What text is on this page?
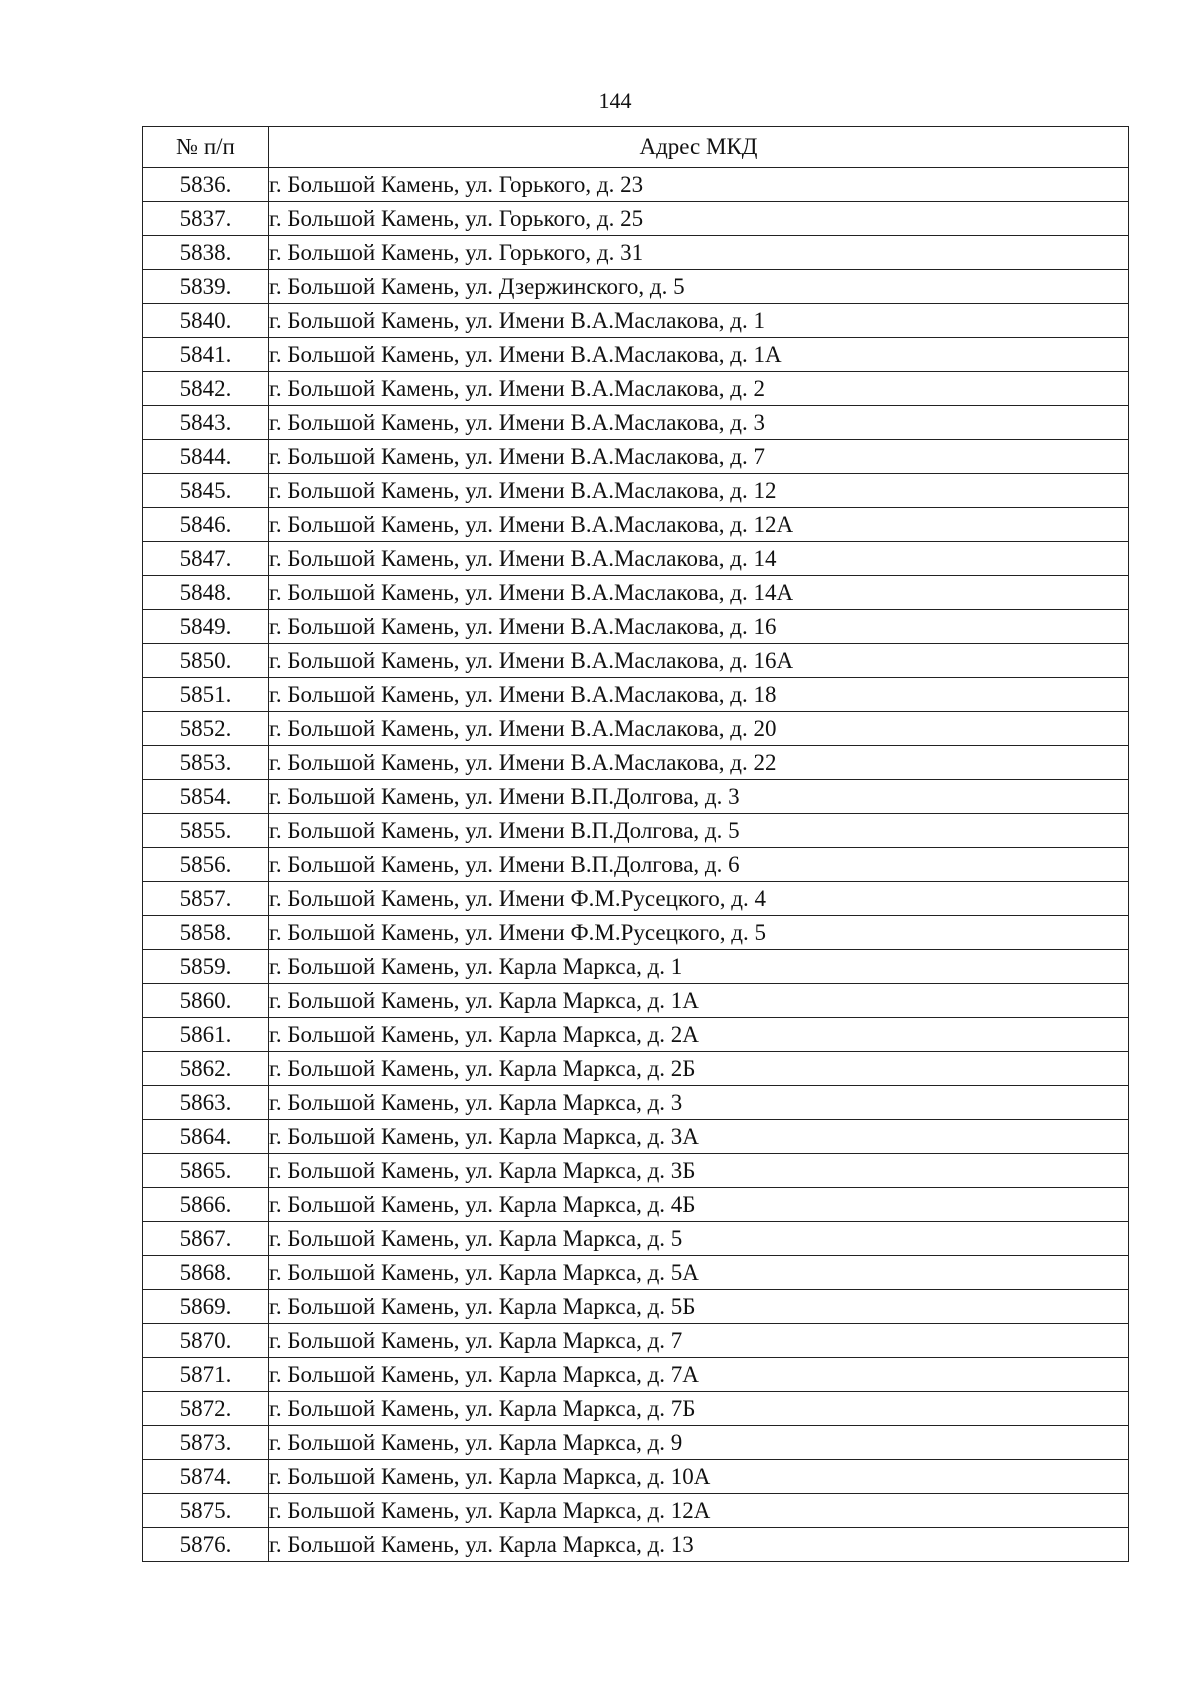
144
№ п/п	Адрес МКД
5836.	г. Большой Камень, ул. Горького, д. 23
5837.	г. Большой Камень, ул. Горького, д. 25
5838.	г. Большой Камень, ул. Горького, д. 31
5839.	г. Большой Камень, ул. Дзержинского, д. 5
5840.	г. Большой Камень, ул. Имени В.А.Маслакова, д. 1
5841.	г. Большой Камень, ул. Имени В.А.Маслакова, д. 1А
5842.	г. Большой Камень, ул. Имени В.А.Маслакова, д. 2
5843.	г. Большой Камень, ул. Имени В.А.Маслакова, д. 3
5844.	г. Большой Камень, ул. Имени В.А.Маслакова, д. 7
5845.	г. Большой Камень, ул. Имени В.А.Маслакова, д. 12
5846.	г. Большой Камень, ул. Имени В.А.Маслакова, д. 12А
5847.	г. Большой Камень, ул. Имени В.А.Маслакова, д. 14
5848.	г. Большой Камень, ул. Имени В.А.Маслакова, д. 14А
5849.	г. Большой Камень, ул. Имени В.А.Маслакова, д. 16
5850.	г. Большой Камень, ул. Имени В.А.Маслакова, д. 16А
5851.	г. Большой Камень, ул. Имени В.А.Маслакова, д. 18
5852.	г. Большой Камень, ул. Имени В.А.Маслакова, д. 20
5853.	г. Большой Камень, ул. Имени В.А.Маслакова, д. 22
5854.	г. Большой Камень, ул. Имени В.П.Долгова, д. 3
5855.	г. Большой Камень, ул. Имени В.П.Долгова, д. 5
5856.	г. Большой Камень, ул. Имени В.П.Долгова, д. 6
5857.	г. Большой Камень, ул. Имени Ф.М.Русецкого, д. 4
5858.	г. Большой Камень, ул. Имени Ф.М.Русецкого, д. 5
5859.	г. Большой Камень, ул. Карла Маркса, д. 1
5860.	г. Большой Камень, ул. Карла Маркса, д. 1А
5861.	г. Большой Камень, ул. Карла Маркса, д. 2А
5862.	г. Большой Камень, ул. Карла Маркса, д. 2Б
5863.	г. Большой Камень, ул. Карла Маркса, д. 3
5864.	г. Большой Камень, ул. Карла Маркса, д. 3А
5865.	г. Большой Камень, ул. Карла Маркса, д. 3Б
5866.	г. Большой Камень, ул. Карла Маркса, д. 4Б
5867.	г. Большой Камень, ул. Карла Маркса, д. 5
5868.	г. Большой Камень, ул. Карла Маркса, д. 5А
5869.	г. Большой Камень, ул. Карла Маркса, д. 5Б
5870.	г. Большой Камень, ул. Карла Маркса, д. 7
5871.	г. Большой Камень, ул. Карла Маркса, д. 7А
5872.	г. Большой Камень, ул. Карла Маркса, д. 7Б
5873.	г. Большой Камень, ул. Карла Маркса, д. 9
5874.	г. Большой Камень, ул. Карла Маркса, д. 10А
5875.	г. Большой Камень, ул. Карла Маркса, д. 12А
5876.	г. Большой Камень, ул. Карла Маркса, д. 13
